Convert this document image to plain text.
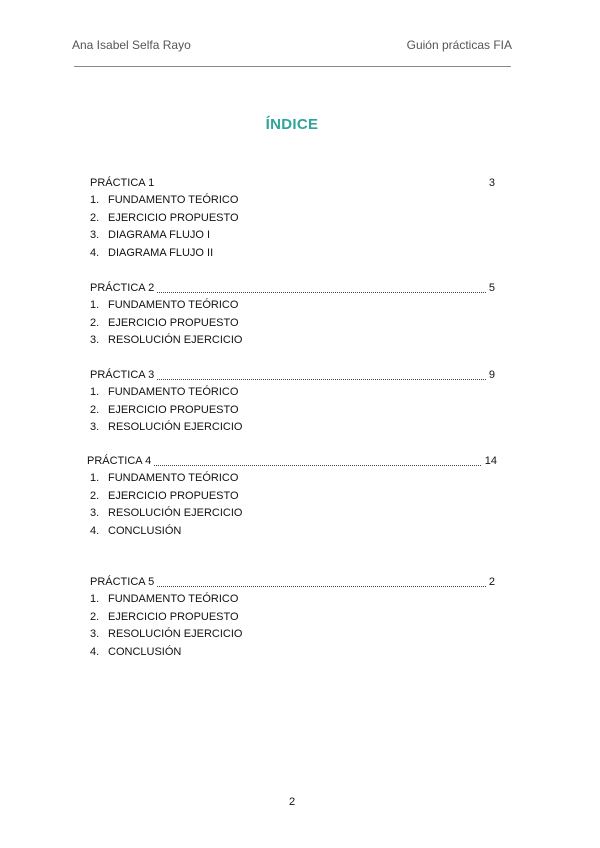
Ana Isabel Selfa Rayo	Guión prácticas FIA
ÍNDICE
PRÁCTICA 1	3
1. FUNDAMENTO TEÓRICO
2. EJERCICIO PROPUESTO
3. DIAGRAMA FLUJO I
4. DIAGRAMA FLUJO II
PRÁCTICA 2	5
1. FUNDAMENTO TEÓRICO
2. EJERCICIO PROPUESTO
3. RESOLUCIÓN EJERCICIO
PRÁCTICA 3	9
1. FUNDAMENTO TEÓRICO
2. EJERCICIO PROPUESTO
3. RESOLUCIÓN EJERCICIO
PRÁCTICA 4	14
1. FUNDAMENTO TEÓRICO
2. EJERCICIO PROPUESTO
3. RESOLUCIÓN EJERCICIO
4. CONCLUSIÓN
PRÁCTICA 5	2
1. FUNDAMENTO TEÓRICO
2. EJERCICIO PROPUESTO
3. RESOLUCIÓN EJERCICIO
4. CONCLUSIÓN
2
